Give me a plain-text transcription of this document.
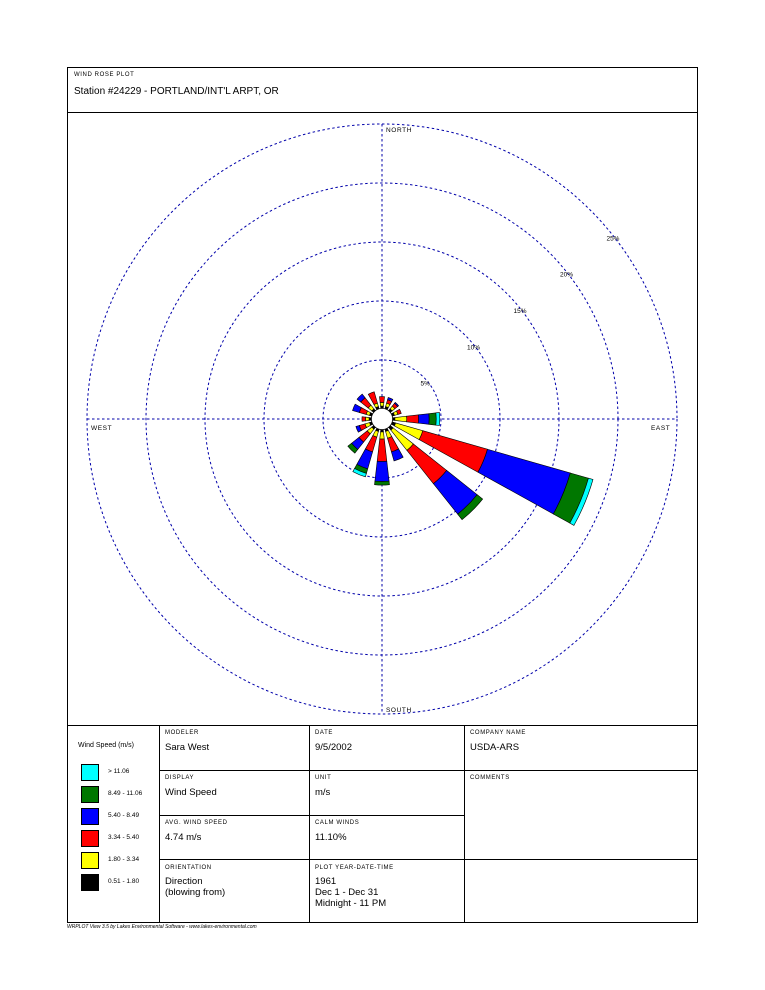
WIND ROSE PLOT
Station #24229 - PORTLAND/INT'L ARPT, OR
5%
10%
15%
20%
25%
NORTH
SOUTH
WEST	EAST
Wind Speed (m/s)
> 11.06
8.49 - 11.06
5.40 - 8.49
3.34 - 5.40
1.80 - 3.34
0.51 - 1.80
MODELER
Sara West
DATE
9/5/2002
COMPANY NAME
USDA-ARS
DISPLAY
Wind Speed
UNIT
m/s
COMMENTS
AVG. WIND SPEED
4.74 m/s
CALM WINDS
11.10%
ORIENTATION
Direction
(blowing from)
PLOT YEAR-DATE-TIME
1961
Dec 1 - Dec 31
Midnight - 11 PM
WRPLOT View 3.5 by Lakes Environmental Software - www.lakes-environmental.com
